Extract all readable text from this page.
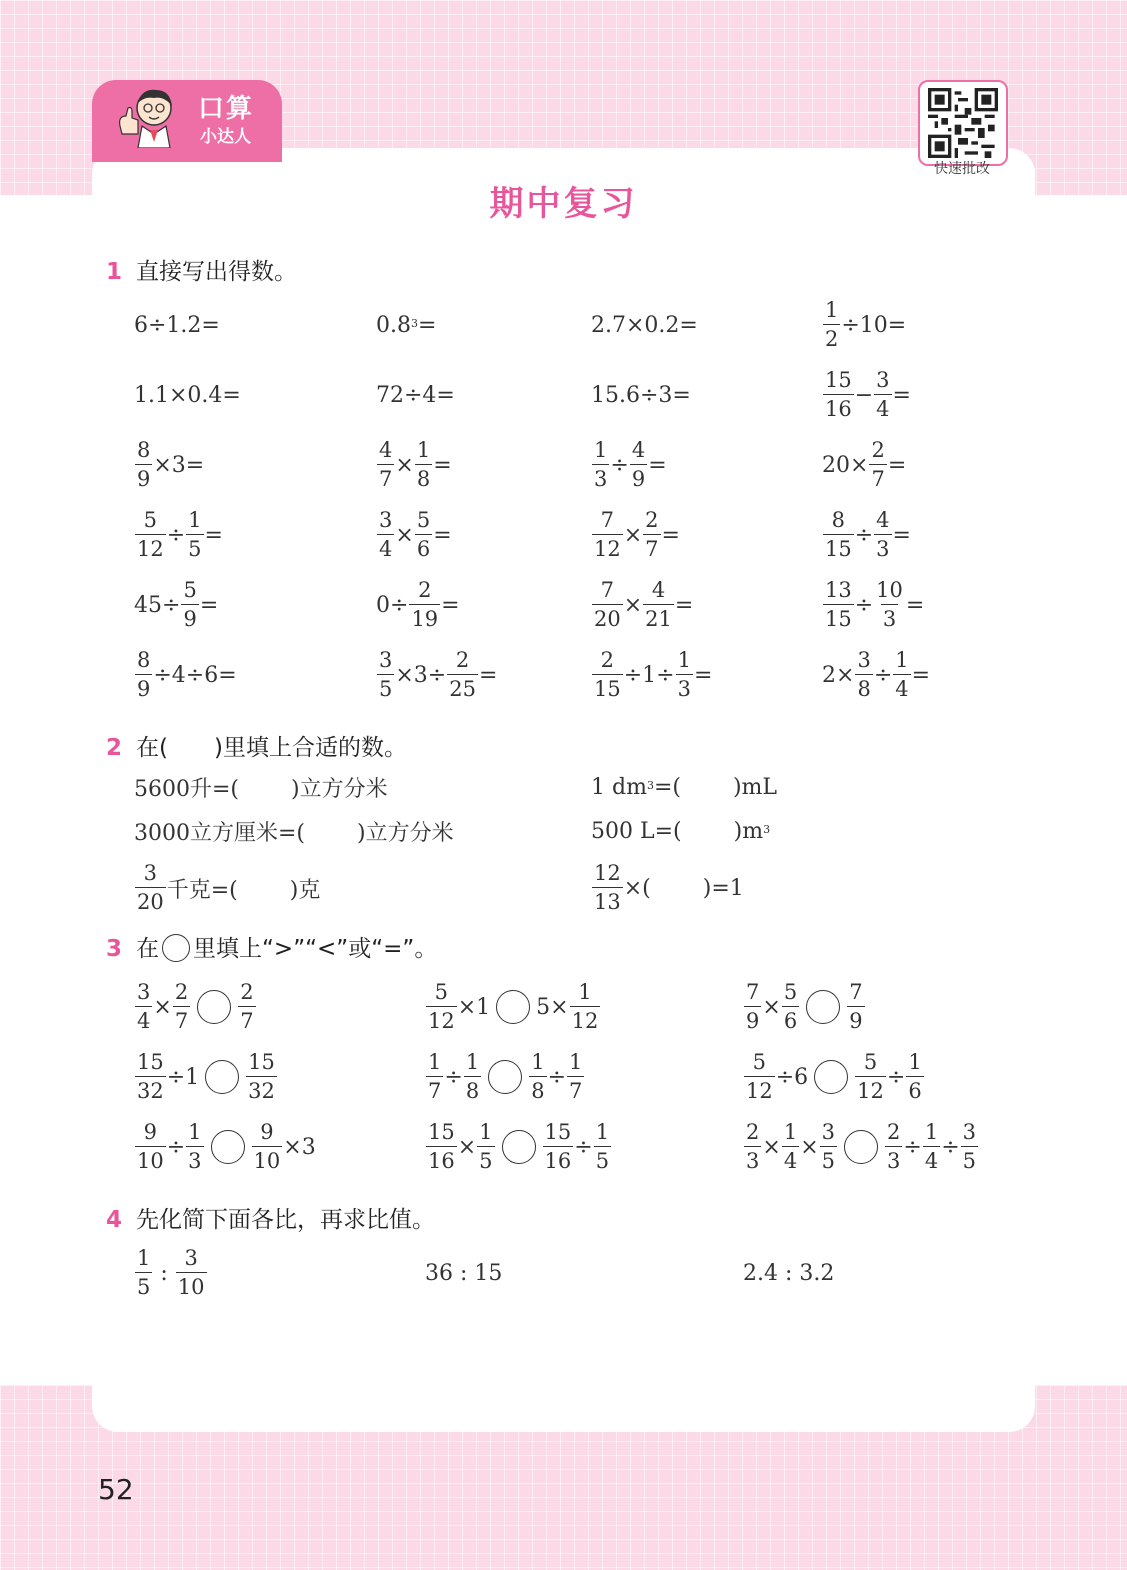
口算
小达人
快速批改
期中复习
1 直接写出得数。
6÷1.2=	$0.8^3$ =	2.7×0.2=	$\frac{1}{2} \div 10=$
1.1×0.4=	72÷4=	15.6÷3=	$\frac{15}{16} - \frac{3}{4}$ =
$\frac{8}{9} \times 3=$	$\frac{4}{7} \times \frac{1}{8}$ =	$\frac{1}{3} \div \frac{4}{9}$ =	$20\times \frac{2}{7}$ =
$\frac{5}{12} \div \frac{1}{5}$ =	$\frac{3}{4} \times \frac{5}{6}$ =	$\frac{7}{12} \times \frac{2}{7}$ =	$\frac{8}{15} \div \frac{4}{3}$ =
$45\div \frac{5}{9}$ =	$0\div \frac{2}{19}$ =	$\frac{7}{20} \times \frac{4}{21}$ =	$\frac{13}{15} \div \frac{10}{3}$ =
$\frac{8}{9} \div 4\div 6=$	$\frac{3}{5} \times 3\div \frac{2}{25}$ =	$\frac{2}{15} \div 1\div \frac{1}{3}$ =	$2\times \frac{3}{8} \div \frac{1}{4}$ =
2 在( )里填上合适的数。
5600升=( )立方分米	1 $dm^3$ =( )mL
3000立方厘米=( )立方分米	500 L=( )$m^3$
$\frac{3}{20}$ 千克=( )克	$\frac{12}{13}$ ×( )=1
3 在 里填上“>”“<”或“=”。
$\frac{3}{4} \times \frac{2}{7} \frac{2}{7}$	$\frac{5}{12} \times 1$ $5\times \frac{1}{12}$	$\frac{7}{9} \times \frac{5}{6} \frac{7}{9}$
$\frac{15}{32} \div 1 \frac{15}{32}$	$\frac{1}{7} \div \frac{1}{8} \frac{1}{8} \div \frac{1}{7}$	$\frac{5}{12} \div 6 \frac{5}{12} \div \frac{1}{6}$
$\frac{9}{10} \div \frac{1}{3} \frac{9}{10} \times 3$	$\frac{15}{16} \times \frac{1}{5} \frac{15}{16} \div \frac{1}{5}$	$\frac{2}{3} \times \frac{1}{4} \times \frac{3}{5} \frac{2}{3} \div \frac{1}{4} \div \frac{3}{5}$
4 先化简下面各比，再求比值。
$\frac{1}{5}$ : $\frac{3}{10}$	36 : 15	2.4 : 3.2
52
